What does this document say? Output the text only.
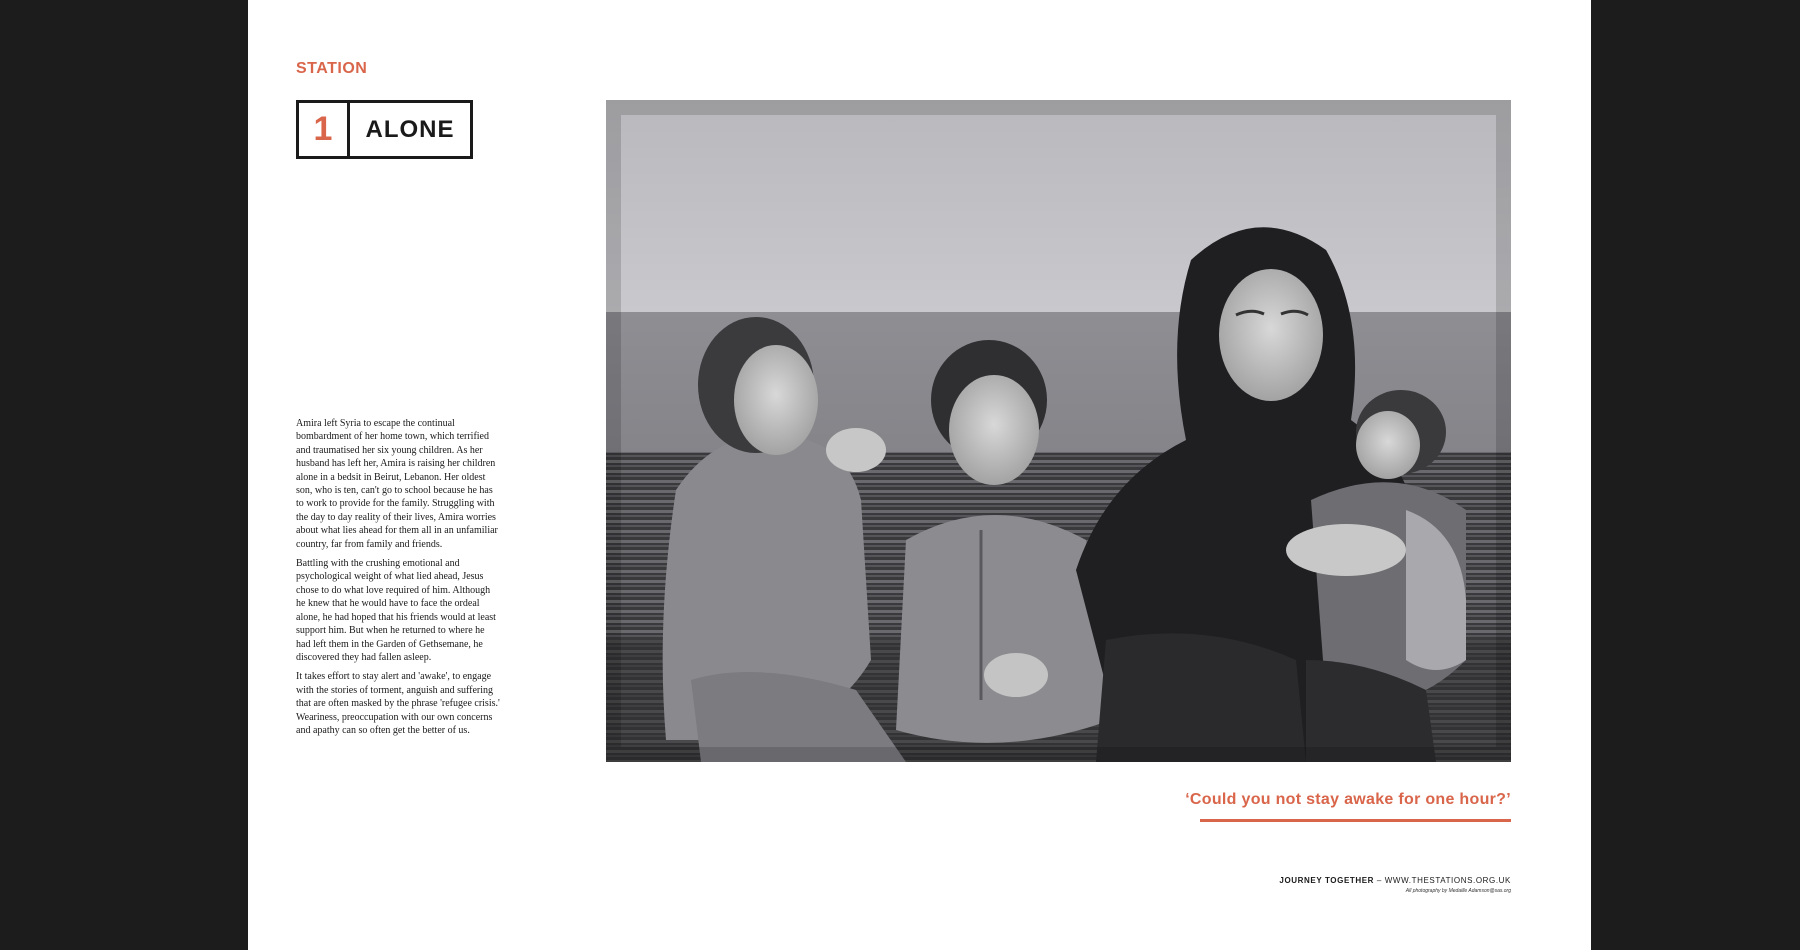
STATION
1	ALONE

Amira left Syria to escape the continual bombardment of her home town, which terrified and traumatised her six young children. As her husband has left her, Amira is raising her children alone in a bedsit in Beirut, Lebanon. Her oldest son, who is ten, can't go to school because he has to work to provide for the family. Struggling with the day to day reality of their lives, Amira worries about what lies ahead for them all in an unfamiliar country, far from family and friends.

Battling with the crushing emotional and psychological weight of what lied ahead, Jesus chose to do what love required of him. Although he knew that he would have to face the ordeal alone, he had hoped that his friends would at least support him. But when he returned to where he had left them in the Garden of Gethsemane, he discovered they had fallen asleep.

It takes effort to stay alert and 'awake', to engage with the stories of torment, anguish and suffering that are often masked by the phrase 'refugee crisis.' Weariness, preoccupation with our own concerns and apathy can so often get the better of us.

‘Could you not stay awake for one hour?’
JOURNEY TOGETHER – WWW.THESTATIONS.ORG.UK
All photography by Medaille Adamson@sas.org
